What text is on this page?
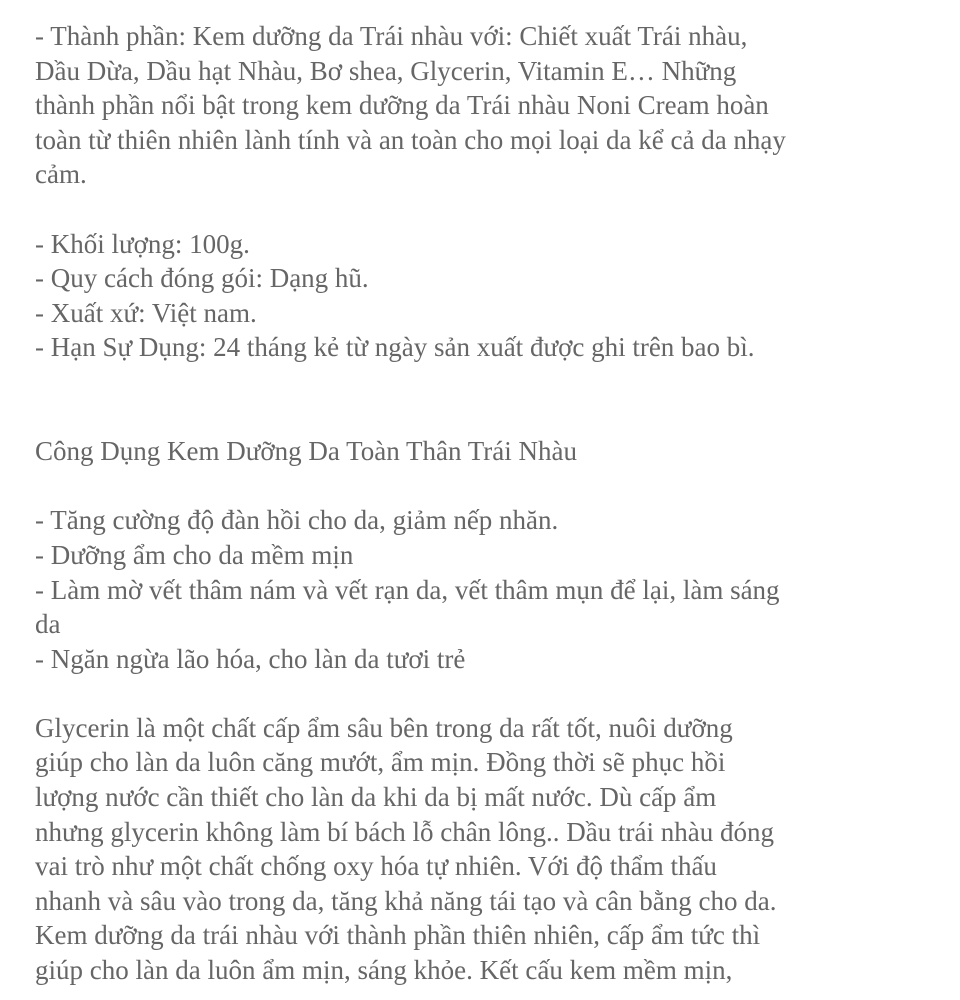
- Thành phần: Kem dưỡng da Trái nhàu với: Chiết xuất Trái nhàu,
Dầu Dừa, Dầu hạt Nhàu, Bơ shea, Glycerin, Vitamin E… Những
thành phần nổi bật trong kem dưỡng da Trái nhàu Noni Cream hoàn
toàn từ thiên nhiên lành tính và an toàn cho mọi loại da kể cả da nhạy
cảm.
- Khối lượng: 100g.
- Quy cách đóng gói: Dạng hũ.
- Xuất xứ: Việt nam.
- Hạn Sự Dụng: 24 tháng kẻ từ ngày sản xuất được ghi trên bao bì.
Công Dụng Kem Dưỡng Da Toàn Thân Trái Nhàu
- Tăng cường độ đàn hồi cho da, giảm nếp nhăn.
- Dưỡng ẩm cho da mềm mịn
- Làm mờ vết thâm nám và vết rạn da, vết thâm mụn để lại, làm sáng
da
- Ngăn ngừa lão hóa, cho làn da tươi trẻ
Glycerin là một chất cấp ẩm sâu bên trong da rất tốt, nuôi dưỡng
giúp cho làn da luôn căng mướt, ẩm mịn. Đồng thời sẽ phục hồi
lượng nước cần thiết cho làn da khi da bị mất nước. Dù cấp ẩm
nhưng glycerin không làm bí bách lỗ chân lông.. Dầu trái nhàu đóng
vai trò như một chất chống oxy hóa tự nhiên. Với độ thẩm thấu
nhanh và sâu vào trong da, tăng khả năng tái tạo và cân bằng cho da.
Kem dưỡng da trái nhàu với thành phần thiên nhiên, cấp ẩm tức thì
giúp cho làn da luôn ẩm mịn, sáng khỏe. Kết cấu kem mềm mịn,
